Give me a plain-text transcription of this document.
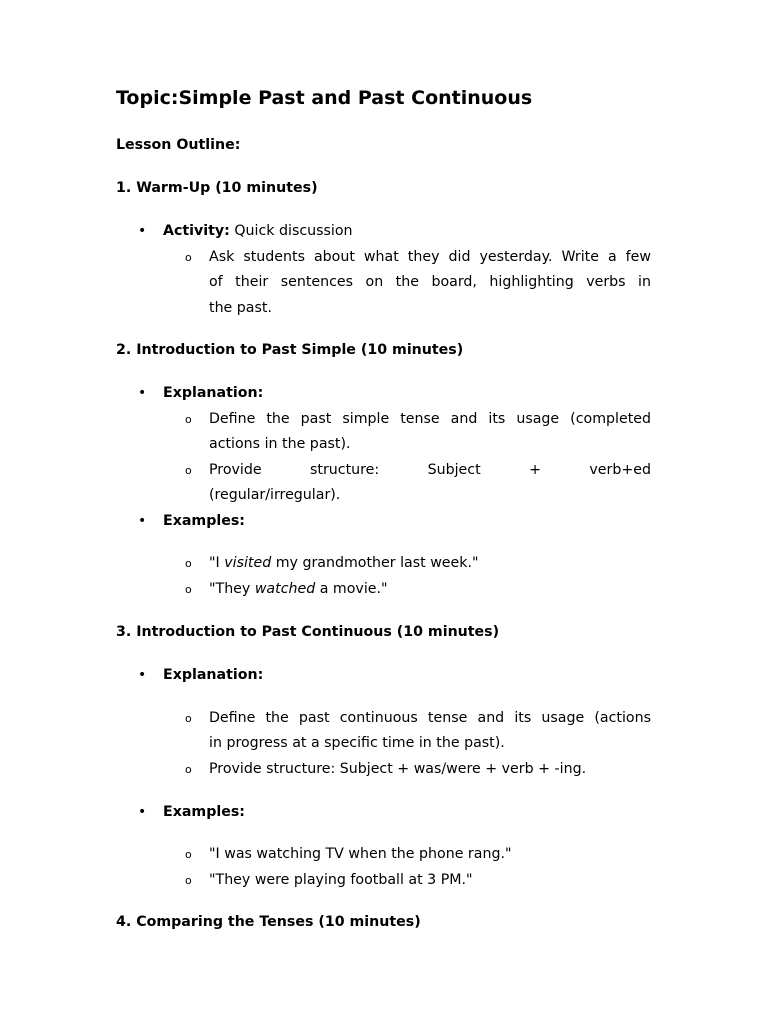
Topic:Simple Past and Past Continuous
Lesson Outline:
1. Warm-Up (10 minutes)
• Activity: Quick discussion
o Ask students about what they did yesterday. Write a few
of their sentences on the board, highlighting verbs in
the past.
2. Introduction to Past Simple (10 minutes)
• Explanation:
o Define the past simple tense and its usage (completed
actions in the past).
o Provide	structure:	Subject	+	verb+ed
(regular/irregular).
• Examples:
o "I visited my grandmother last week."
o "They watched a movie."
3. Introduction to Past Continuous (10 minutes)
• Explanation:
o Define the past continuous tense and its usage (actions
in progress at a specific time in the past).
o Provide structure: Subject + was/were + verb + -ing.
• Examples:
o "I was watching TV when the phone rang."
o "They were playing football at 3 PM."
4. Comparing the Tenses (10 minutes)
